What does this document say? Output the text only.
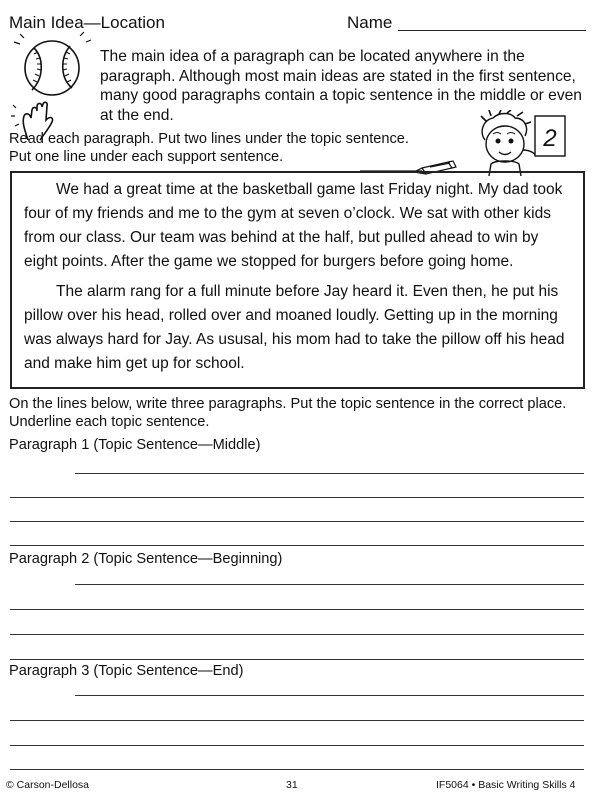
Main Idea—Location	Name
The main idea of a paragraph can be located anywhere in the paragraph. Although most main ideas are stated in the first sentence, many good paragraphs contain a topic sentence in the middle or even at the end.
Read each paragraph. Put two lines under the topic sentence.
Put one line under each support sentence.
2

We had a great time at the basketball game last Friday night. My dad took four of my friends and me to the gym at seven o’clock. We sat with other kids from our class. Our team was behind at the half, but pulled ahead to win by eight points. After the game we stopped for burgers before going home.

The alarm rang for a full minute before Jay heard it. Even then, he put his pillow over his head, rolled over and moaned loudly. Getting up in the morning was always hard for Jay. As ususal, his mom had to take the pillow off his head and make him get up for school.

On the lines below, write three paragraphs. Put the topic sentence in the correct place. Underline each topic sentence.
Paragraph 1 (Topic Sentence—Middle)
Paragraph 2 (Topic Sentence—Beginning)
Paragraph 3 (Topic Sentence—End)
© Carson-Dellosa	31	IF5064 • Basic Writing Skills 4
